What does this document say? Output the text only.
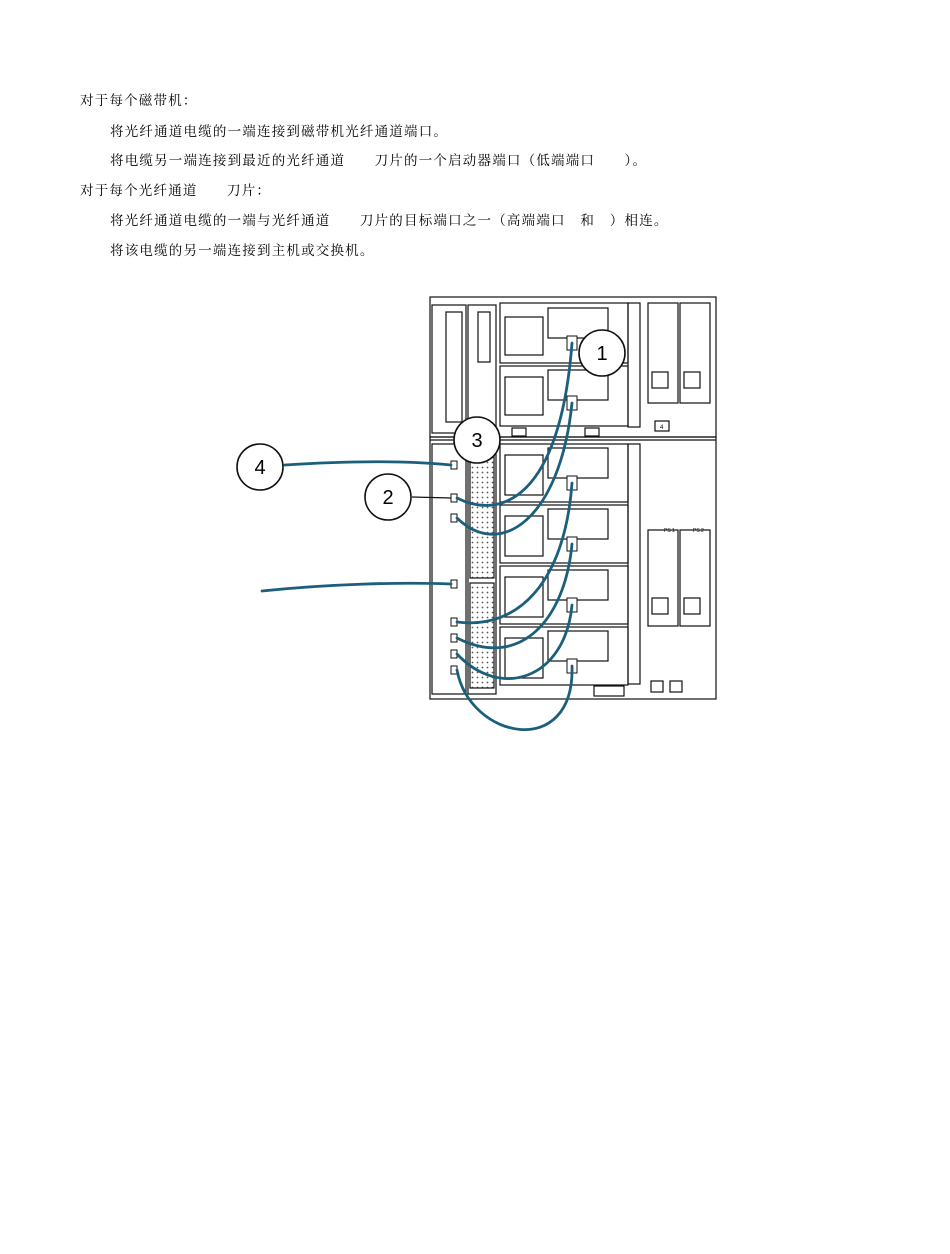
对于每个磁带机：
将光纤通道电缆的一端连接到磁带机光纤通道端口。
将电缆另一端连接到最近的光纤通道　　刀片的一个启动器端口（低端端口　　）。
对于每个光纤通道　　刀片：
将光纤通道电缆的一端与光纤通道　　刀片的目标端口之一（高端端口　和　）相连。
将该电缆的另一端连接到主机或交换机。
PS 1	PS 2
4
1
2
3
4
